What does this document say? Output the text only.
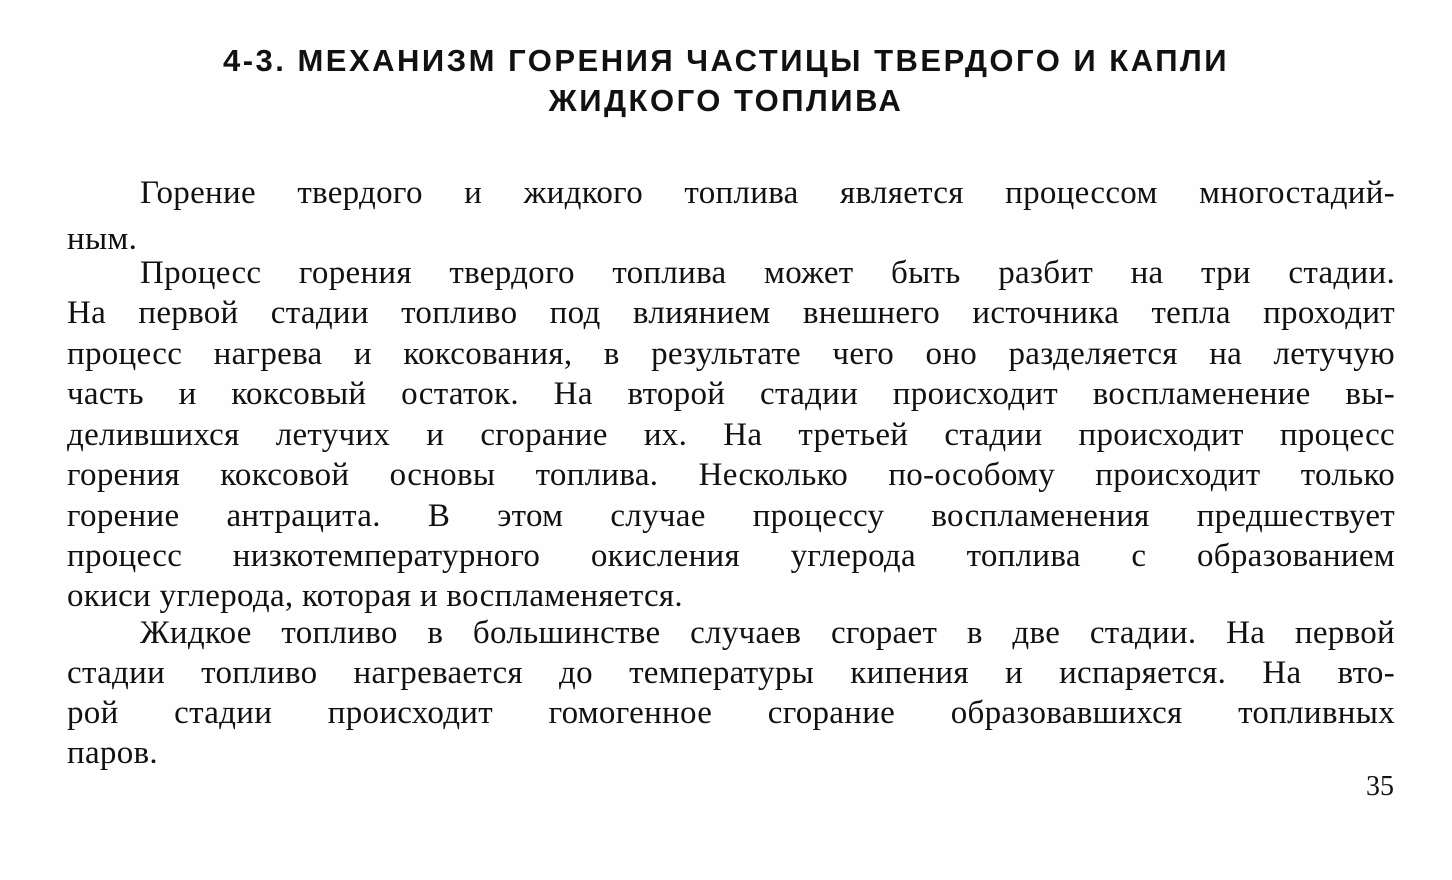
4-3. МЕХАНИЗМ ГОРЕНИЯ ЧАСТИЦЫ ТВЕРДОГО И КАПЛИ
ЖИДКОГО ТОПЛИВА
Горение твердого и жидкого топлива является процессом многостадий-
ным.
Процесс горения твердого топлива может быть разбит на три стадии.
На первой стадии топливо под влиянием внешнего источника тепла проходит
процесс нагрева и коксования, в результате чего оно разделяется на летучую
часть и коксовый остаток. На второй стадии происходит воспламенение вы-
делившихся летучих и сгорание их. На третьей стадии происходит процесс
горения коксовой основы топлива. Несколько по-особому происходит только
горение антрацита. В этом случае процессу воспламенения предшествует
процесс низкотемпературного окисления углерода топлива с образованием
окиси углерода, которая и воспламеняется.
Жидкое топливо в большинстве случаев сгорает в две стадии. На первой
стадии топливо нагревается до температуры кипения и испаряется. На вто-
рой стадии происходит гомогенное сгорание образовавшихся топливных
паров.
35
